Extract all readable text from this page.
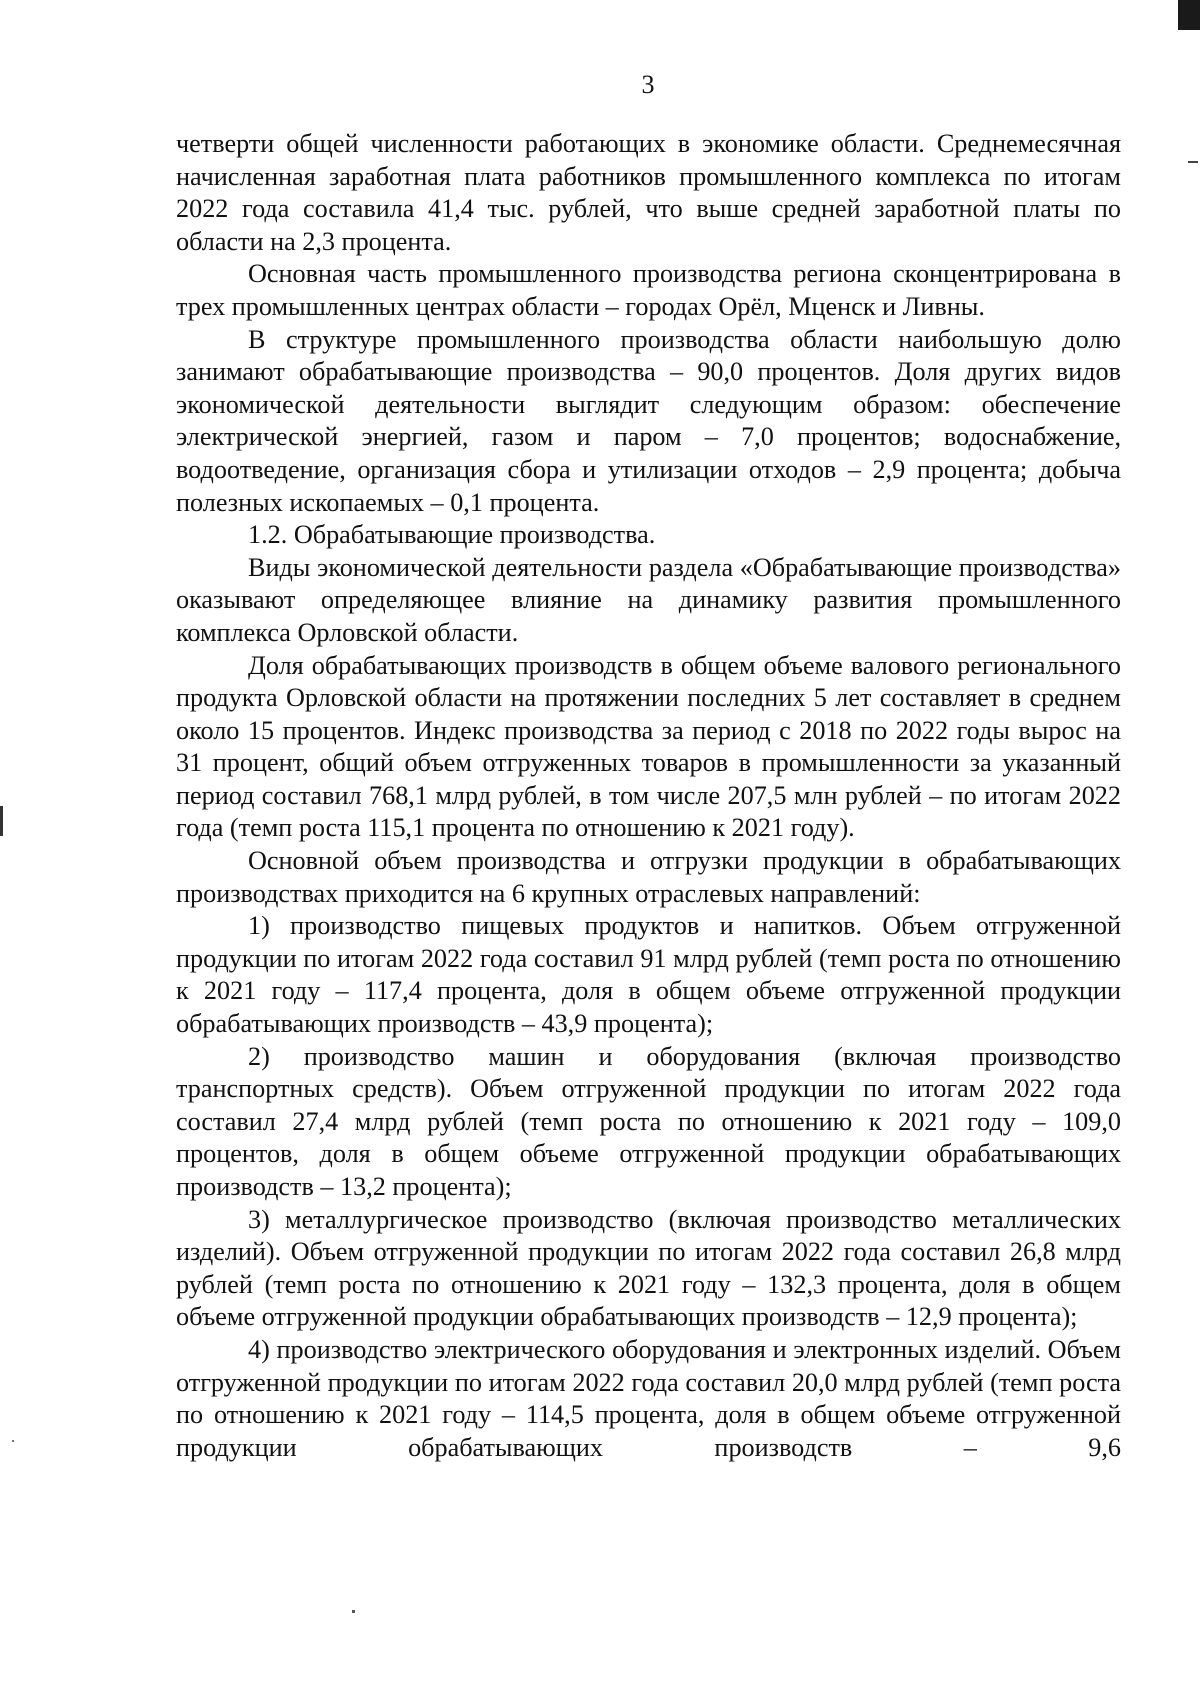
3

четверти общей численности работающих в экономике области. Среднемесячная начисленная заработная плата работников промышленного комплекса по итогам 2022 года составила 41,4 тыс. рублей, что выше средней заработной платы по области на 2,3 процента.

Основная часть промышленного производства региона сконцентрирована в трех промышленных центрах области – городах Орёл, Мценск и Ливны.

В структуре промышленного производства области наибольшую долю занимают обрабатывающие производства – 90,0 процентов. Доля других видов экономической деятельности выглядит следующим образом: обеспечение электрической энергией, газом и паром – 7,0 процентов; водоснабжение, водоотведение, организация сбора и утилизации отходов – 2,9 процента; добыча полезных ископаемых – 0,1 процента.

1.2. Обрабатывающие производства.

Виды экономической деятельности раздела «Обрабатывающие производства» оказывают определяющее влияние на динамику развития промышленного комплекса Орловской области.

Доля обрабатывающих производств в общем объеме валового регионального продукта Орловской области на протяжении последних 5 лет составляет в среднем около 15 процентов. Индекс производства за период с 2018 по 2022 годы вырос на 31 процент, общий объем отгруженных товаров в промышленности за указанный период составил 768,1 млрд рублей, в том числе 207,5 млн рублей – по итогам 2022 года (темп роста 115,1 процента по отношению к 2021 году).

Основной объем производства и отгрузки продукции в обрабатывающих производствах приходится на 6 крупных отраслевых направлений:

1) производство пищевых продуктов и напитков. Объем отгруженной продукции по итогам 2022 года составил 91 млрд рублей (темп роста по отношению к 2021 году – 117,4 процента, доля в общем объеме отгруженной продукции обрабатывающих производств – 43,9 процента);

2) производство машин и оборудования (включая производство транспортных средств). Объем отгруженной продукции по итогам 2022 года составил 27,4 млрд рублей (темп роста по отношению к 2021 году – 109,0 процентов, доля в общем объеме отгруженной продукции обрабатывающих производств – 13,2 процента);

3) металлургическое производство (включая производство металлических изделий). Объем отгруженной продукции по итогам 2022 года составил 26,8 млрд рублей (темп роста по отношению к 2021 году – 132,3 процента, доля в общем объеме отгруженной продукции обрабатывающих производств – 12,9 процента);

4) производство электрического оборудования и электронных изделий. Объем отгруженной продукции по итогам 2022 года составил 20,0 млрд рублей (темп роста по отношению к 2021 году – 114,5 процента, доля в общем объеме отгруженной продукции обрабатывающих производств – 9,6
